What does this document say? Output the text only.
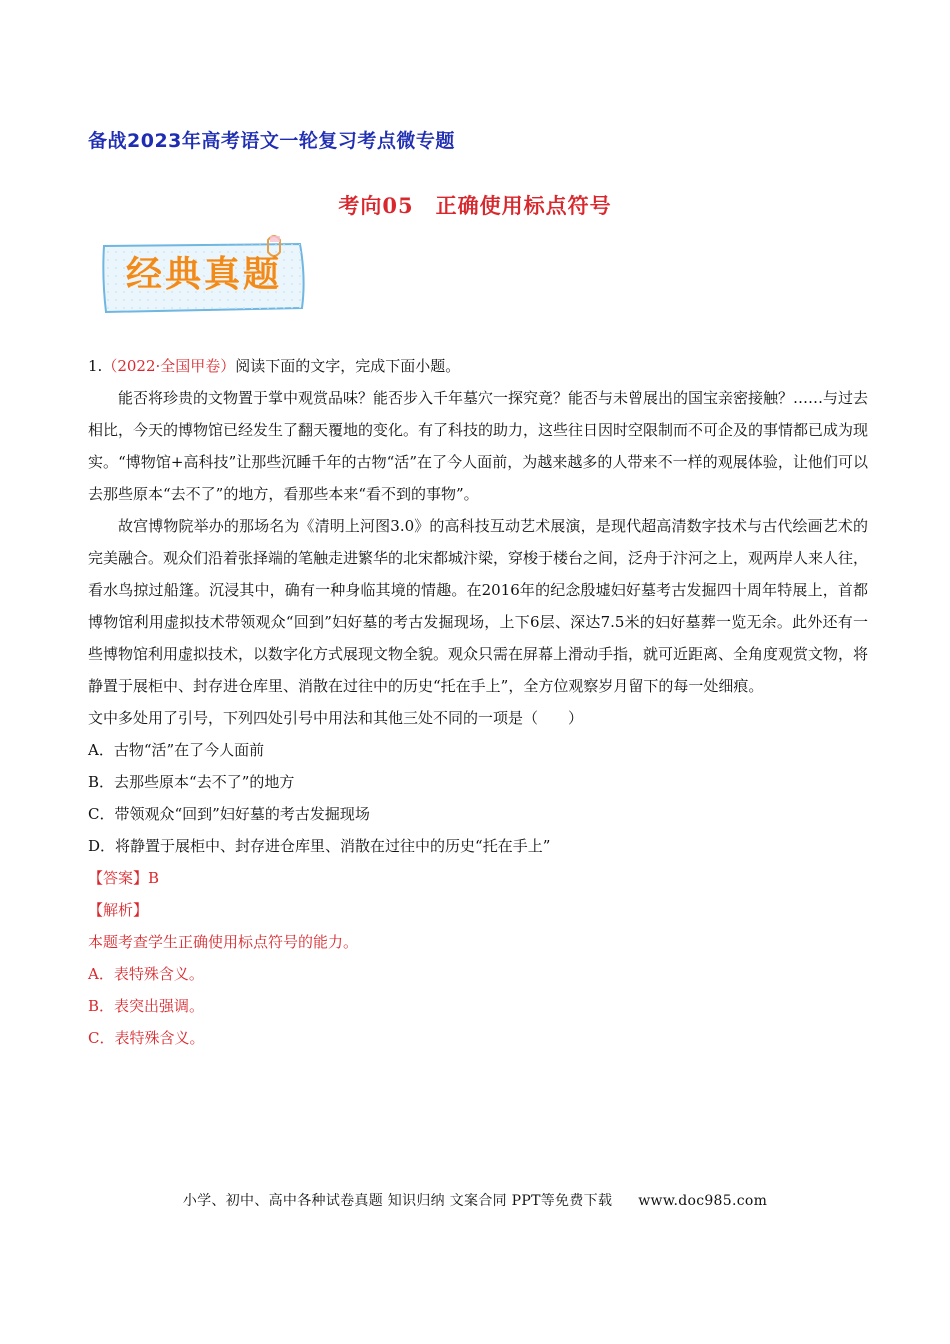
备战2023年高考语文一轮复习考点微专题
考向05　正确使用标点符号
经典真题

1.（2022·全国甲卷）阅读下面的文字，完成下面小题。

能否将珍贵的文物置于掌中观赏品味？能否步入千年墓穴一探究竟？能否与未曾展出的国宝亲密接触？……与过去相比，今天的博物馆已经发生了翻天覆地的变化。有了科技的助力，这些往日因时空限制而不可企及的事情都已成为现实。“博物馆+高科技”让那些沉睡千年的古物“活”在了今人面前，为越来越多的人带来不一样的观展体验，让他们可以去那些原本“去不了”的地方，看那些本来“看不到的事物”。

故宫博物院举办的那场名为《清明上河图3.0》的高科技互动艺术展演，是现代超高清数字技术与古代绘画艺术的完美融合。观众们沿着张择端的笔触走进繁华的北宋都城汴梁，穿梭于楼台之间，泛舟于汴河之上，观两岸人来人往，看水鸟掠过船篷。沉浸其中，确有一种身临其境的情趣。在2016年的纪念殷墟妇好墓考古发掘四十周年特展上，首都博物馆利用虚拟技术带领观众“回到”妇好墓的考古发掘现场，上下6层、深达7.5米的妇好墓葬一览无余。此外还有一些博物馆利用虚拟技术，以数字化方式展现文物全貌。观众只需在屏幕上滑动手指，就可近距离、全角度观赏文物，将静置于展柜中、封存进仓库里、消散在过往中的历史“托在手上”，全方位观察岁月留下的每一处细痕。

文中多处用了引号，下列四处引号中用法和其他三处不同的一项是（　　）

A．古物“活”在了今人面前

B．去那些原本“去不了”的地方

C．带领观众“回到”妇好墓的考古发掘现场

D．将静置于展柜中、封存进仓库里、消散在过往中的历史“托在手上”

【答案】B

【解析】

本题考查学生正确使用标点符号的能力。

A．表特殊含义。

B．表突出强调。

C．表特殊含义。

小学、初中、高中各种试卷真题 知识归纳 文案合同 PPT等免费下载 www.doc985.com
